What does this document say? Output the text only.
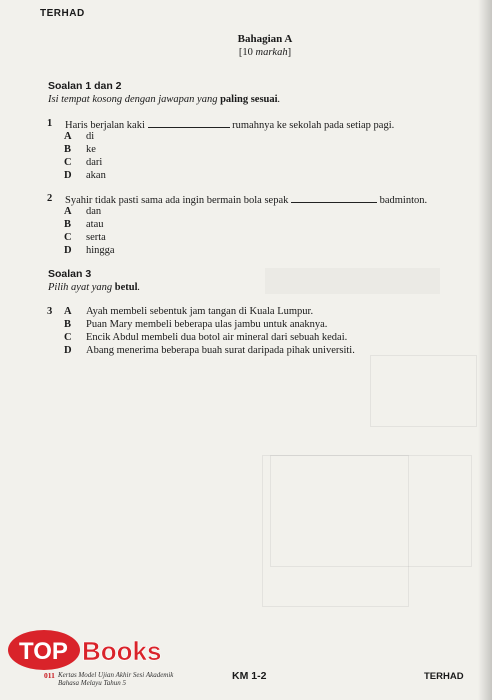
TERHAD
Bahagian A
[10 markah]
Soalan 1 dan 2
Isi tempat kosong dengan jawapan yang paling sesuai.
1 Haris berjalan kaki	rumahnya ke sekolah pada setiap pagi.
A di
B ke
C dari
D akan
2 Syahir tidak pasti sama ada ingin bermain bola sepak	badminton.
A dan
B atau
C serta
D hingga
Soalan 3
Pilih ayat yang betul.
3 A Ayah membeli sebentuk jam tangan di Kuala Lumpur.
B Puan Mary membeli beberapa ulas jambu untuk anaknya.
C Encik Abdul membeli dua botol air mineral dari sebuah kedai.
D Abang menerima beberapa buah surat daripada pihak universiti.
TOP Books
011 Kertas Model Ujian Akhir Sesi Akademik
Bahasa Melayu Tahun 5
KM 1-2	TERHAD
